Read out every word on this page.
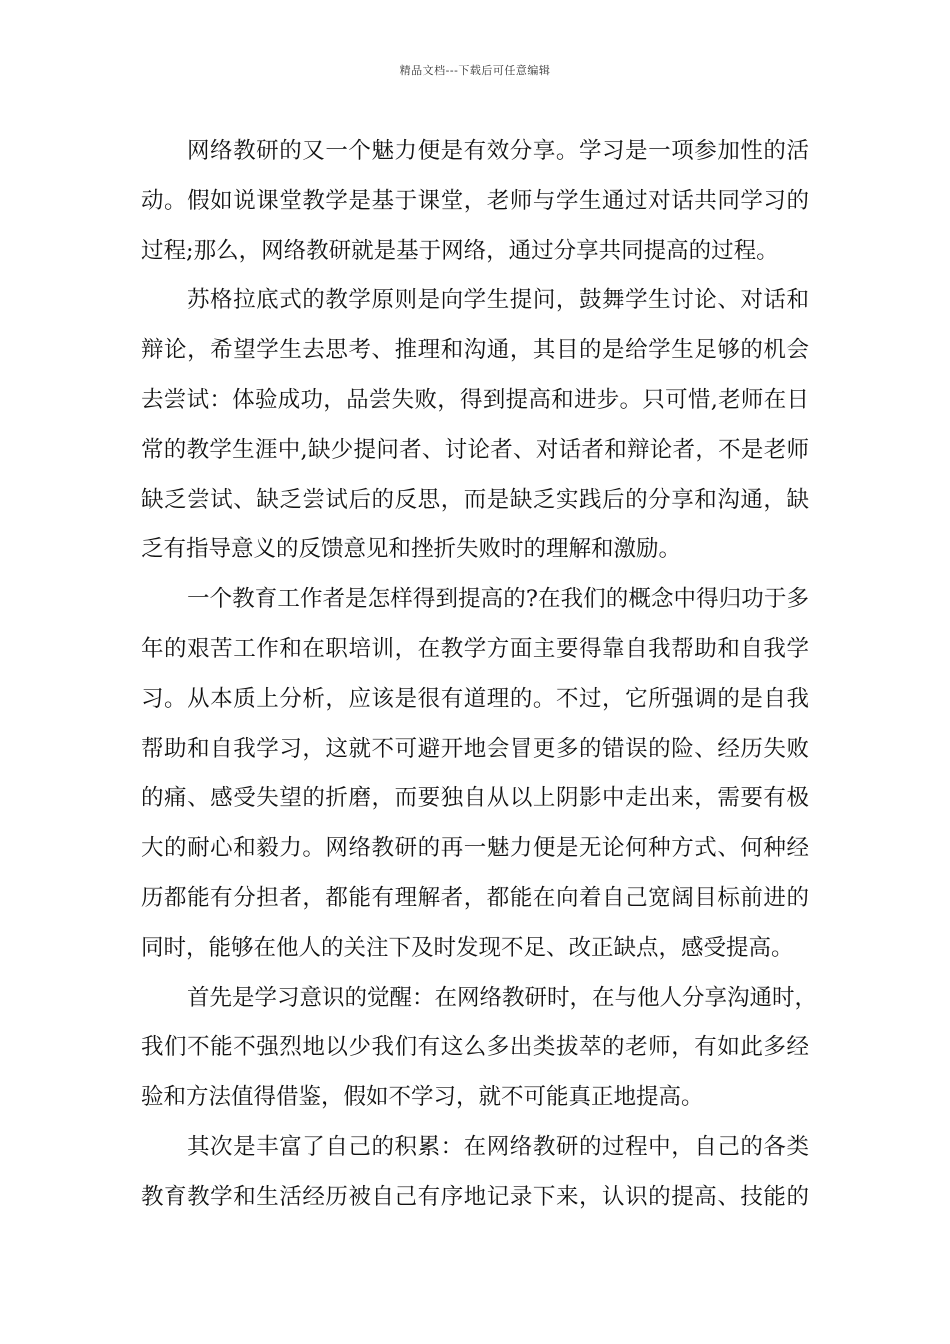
精品文档---下载后可任意编辑
网络教研的又一个魅力便是有效分享。学习是一项参加性的活
动。假如说课堂教学是基于课堂，老师与学生通过对话共同学习的
过程;那么，网络教研就是基于网络，通过分享共同提高的过程。
苏格拉底式的教学原则是向学生提问，鼓舞学生讨论、对话和
辩论，希望学生去思考、推理和沟通，其目的是给学生足够的机会
去尝试：体验成功，品尝失败，得到提高和进步。只可惜,老师在日
常的教学生涯中,缺少提问者、讨论者、对话者和辩论者，不是老师
缺乏尝试、缺乏尝试后的反思，而是缺乏实践后的分享和沟通，缺
乏有指导意义的反馈意见和挫折失败时的理解和激励。
一个教育工作者是怎样得到提高的?在我们的概念中得归功于多
年的艰苦工作和在职培训，在教学方面主要得靠自我帮助和自我学
习。从本质上分析，应该是很有道理的。不过，它所强调的是自我
帮助和自我学习，这就不可避开地会冒更多的错误的险、经历失败
的痛、感受失望的折磨，而要独自从以上阴影中走出来，需要有极
大的耐心和毅力。网络教研的再一魅力便是无论何种方式、何种经
历都能有分担者，都能有理解者，都能在向着自己宽阔目标前进的
同时，能够在他人的关注下及时发现不足、改正缺点，感受提高。
首先是学习意识的觉醒：在网络教研时，在与他人分享沟通时，
我们不能不强烈地以少我们有这么多出类拔萃的老师，有如此多经
验和方法值得借鉴，假如不学习，就不可能真正地提高。
其次是丰富了自己的积累：在网络教研的过程中，自己的各类
教育教学和生活经历被自己有序地记录下来，认识的提高、技能的
